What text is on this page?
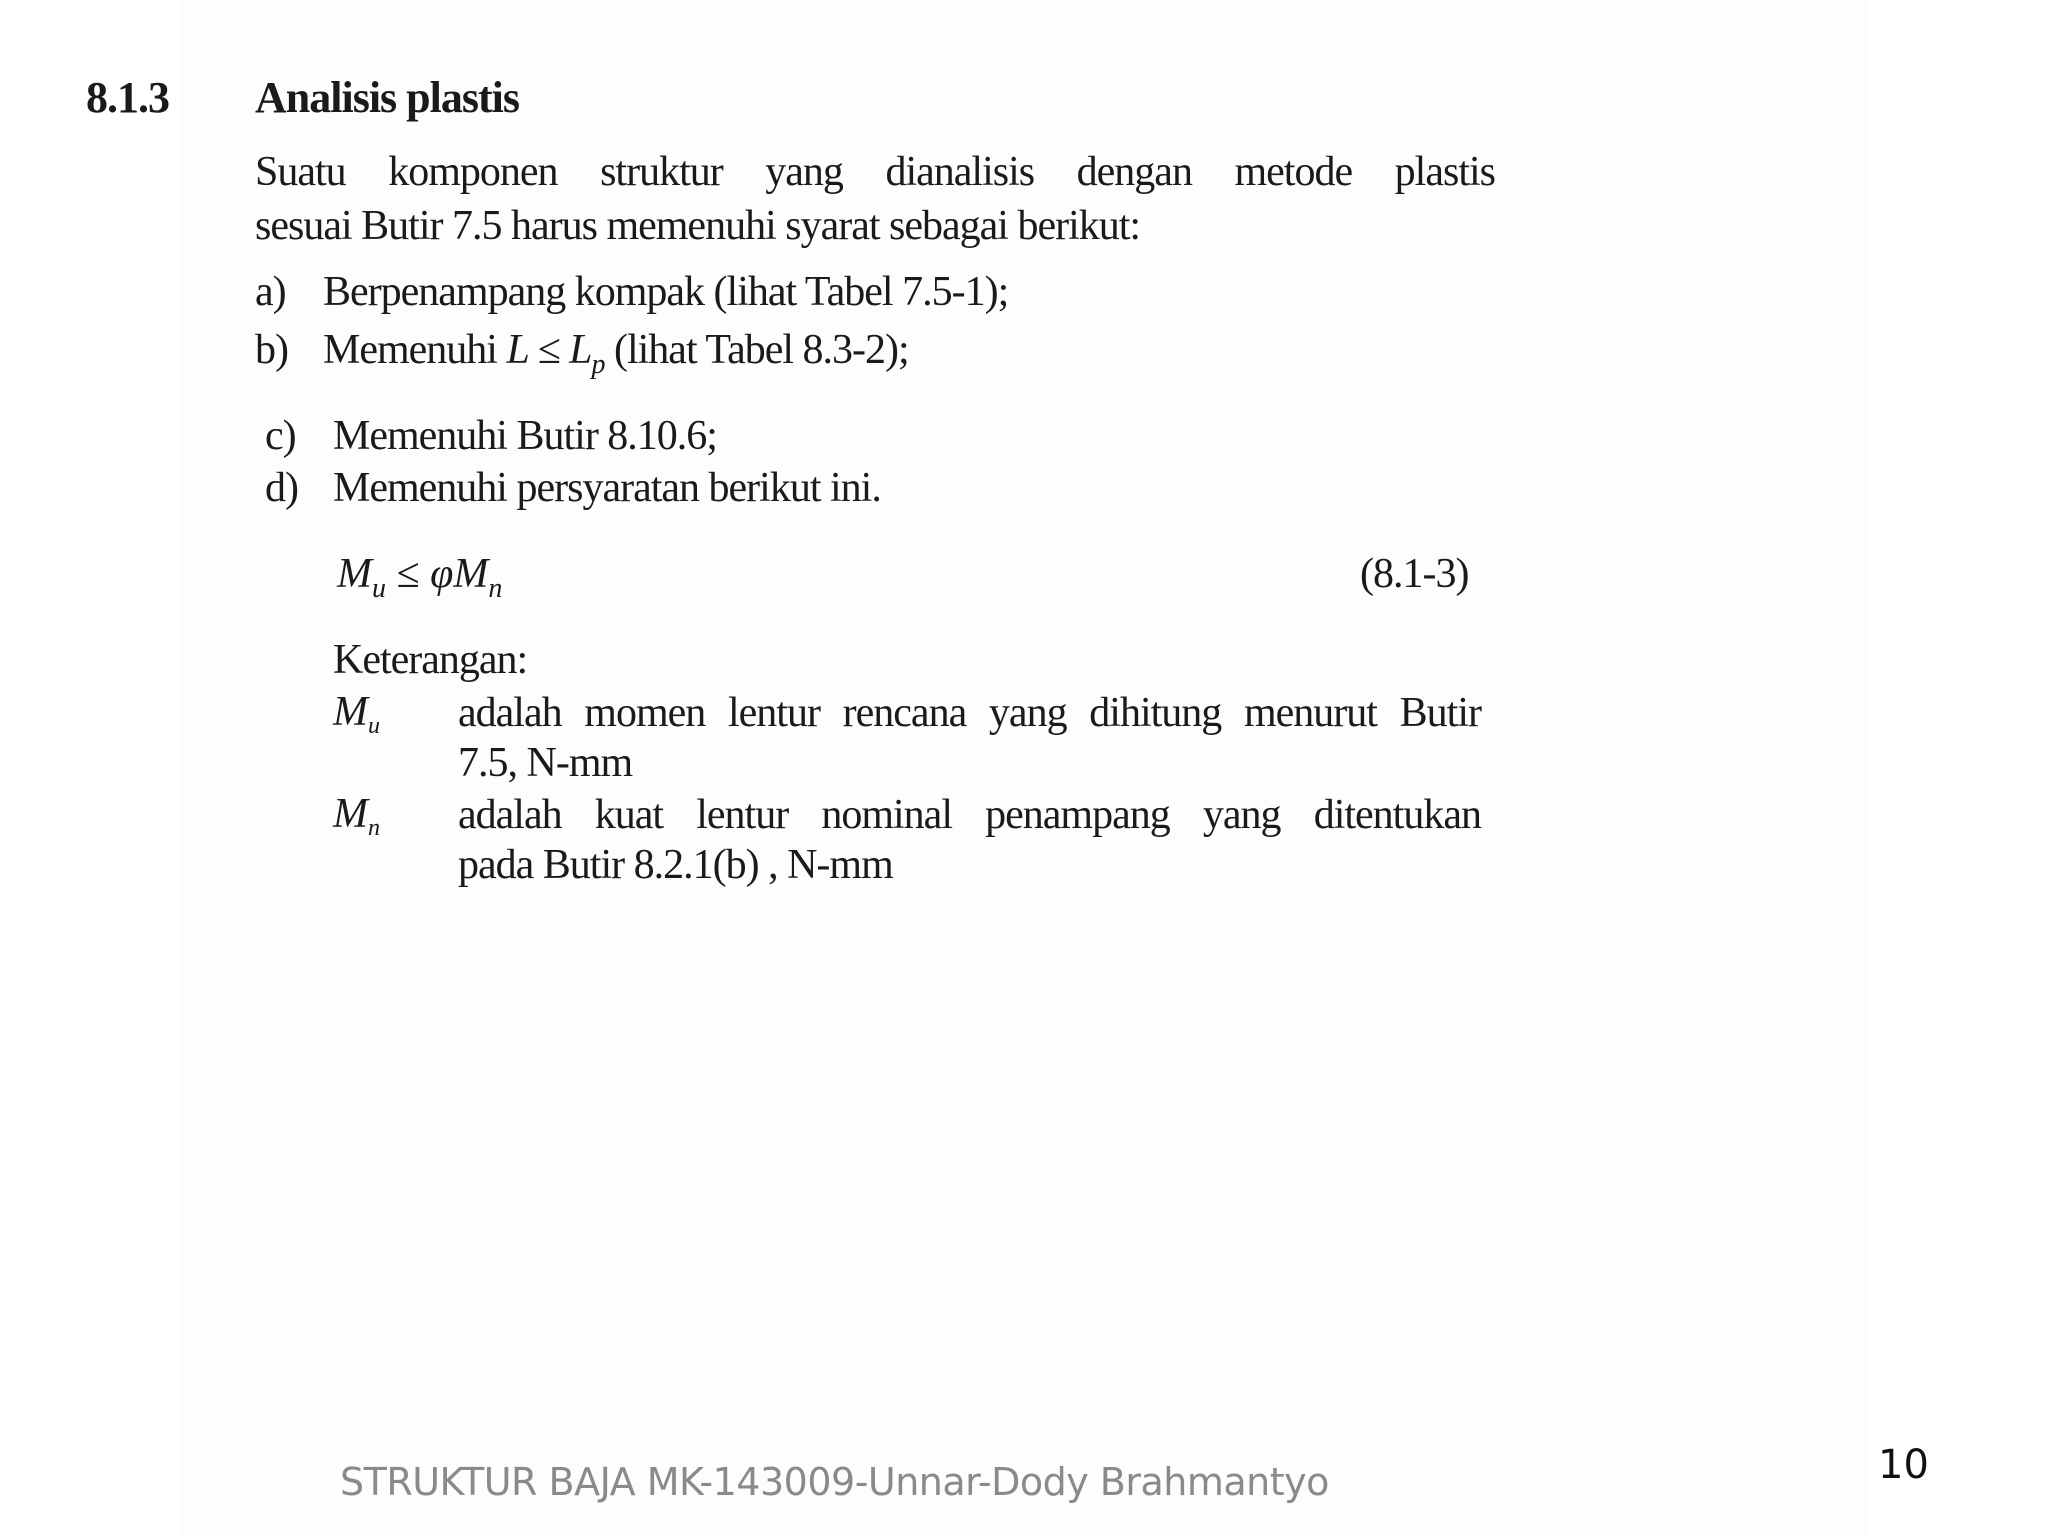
8.1.3 Analisis plastis
Suatu komponen struktur yang dianalisis dengan metode plastis
sesuai Butir 7.5 harus memenuhi syarat sebagai berikut:
a) Berpenampang kompak (lihat Tabel 7.5-1);
b) Memenuhi $L \le L_p$ (lihat Tabel 8.3-2);
c) Memenuhi Butir 8.10.6;
d) Memenuhi persyaratan berikut ini.
$M_u \le \varphi M_n$	(8.1-3)
Keterangan:
Mu adalah momen lentur rencana yang dihitung menurut Butir
7.5, N-mm
Mn adalah kuat lentur nominal penampang yang ditentukan
pada Butir 8.2.1(b) , N-mm
STRUKTUR BAJA MK-143009-Unnar-Dody Brahmantyo	10
